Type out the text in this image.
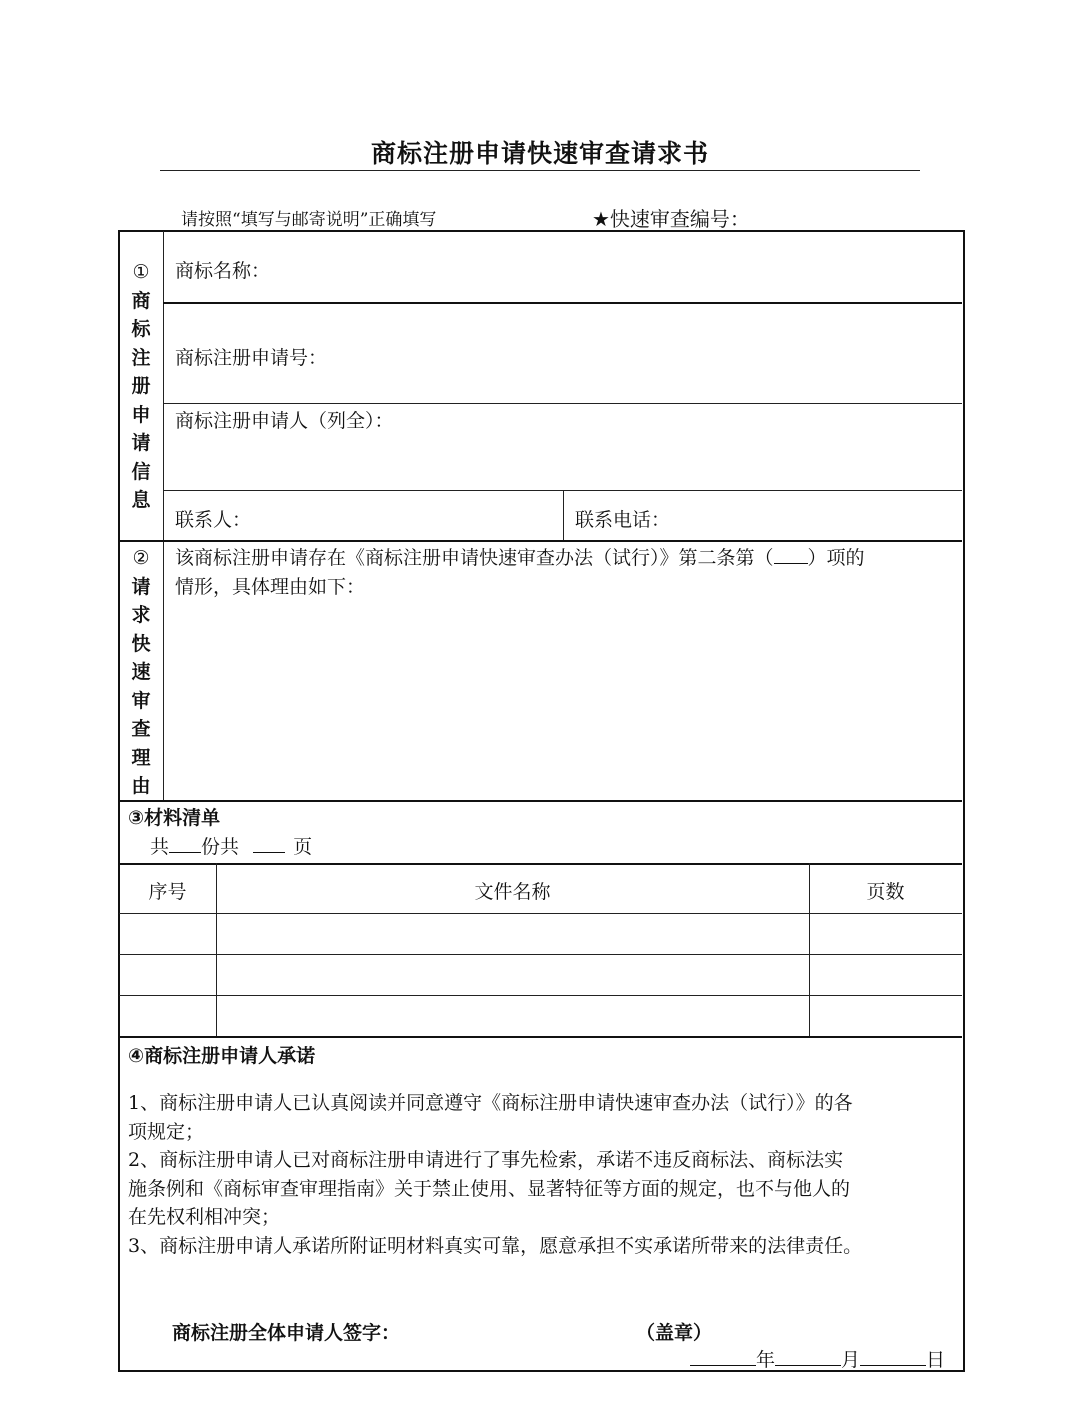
商标注册申请快速审查请求书
请按照“填写与邮寄说明”正确填写	★快速审查编号：
①
商
标
注
册
申
请
信
息
商标名称：
商标注册申请号：
商标注册申请人（列全）：
联系人：	联系电话：
②
请
求
快
速
审
查
理
由
该商标注册申请存在《商标注册申请快速审查办法（试行）》第二条第（ ）项的
情形，具体理由如下：
③材料清单
共 份共	页
序号	文件名称	页数
④商标注册申请人承诺
1、商标注册申请人已认真阅读并同意遵守《商标注册申请快速审查办法（试行）》的各
项规定；
2、商标注册申请人已对商标注册申请进行了事先检索，承诺不违反商标法、商标法实
施条例和《商标审查审理指南》关于禁止使用、显著特征等方面的规定，也不与他人的
在先权利相冲突；
3、商标注册申请人承诺所附证明材料真实可靠，愿意承担不实承诺所带来的法律责任。
商标注册全体申请人签字：	（盖章）
年	月	日
